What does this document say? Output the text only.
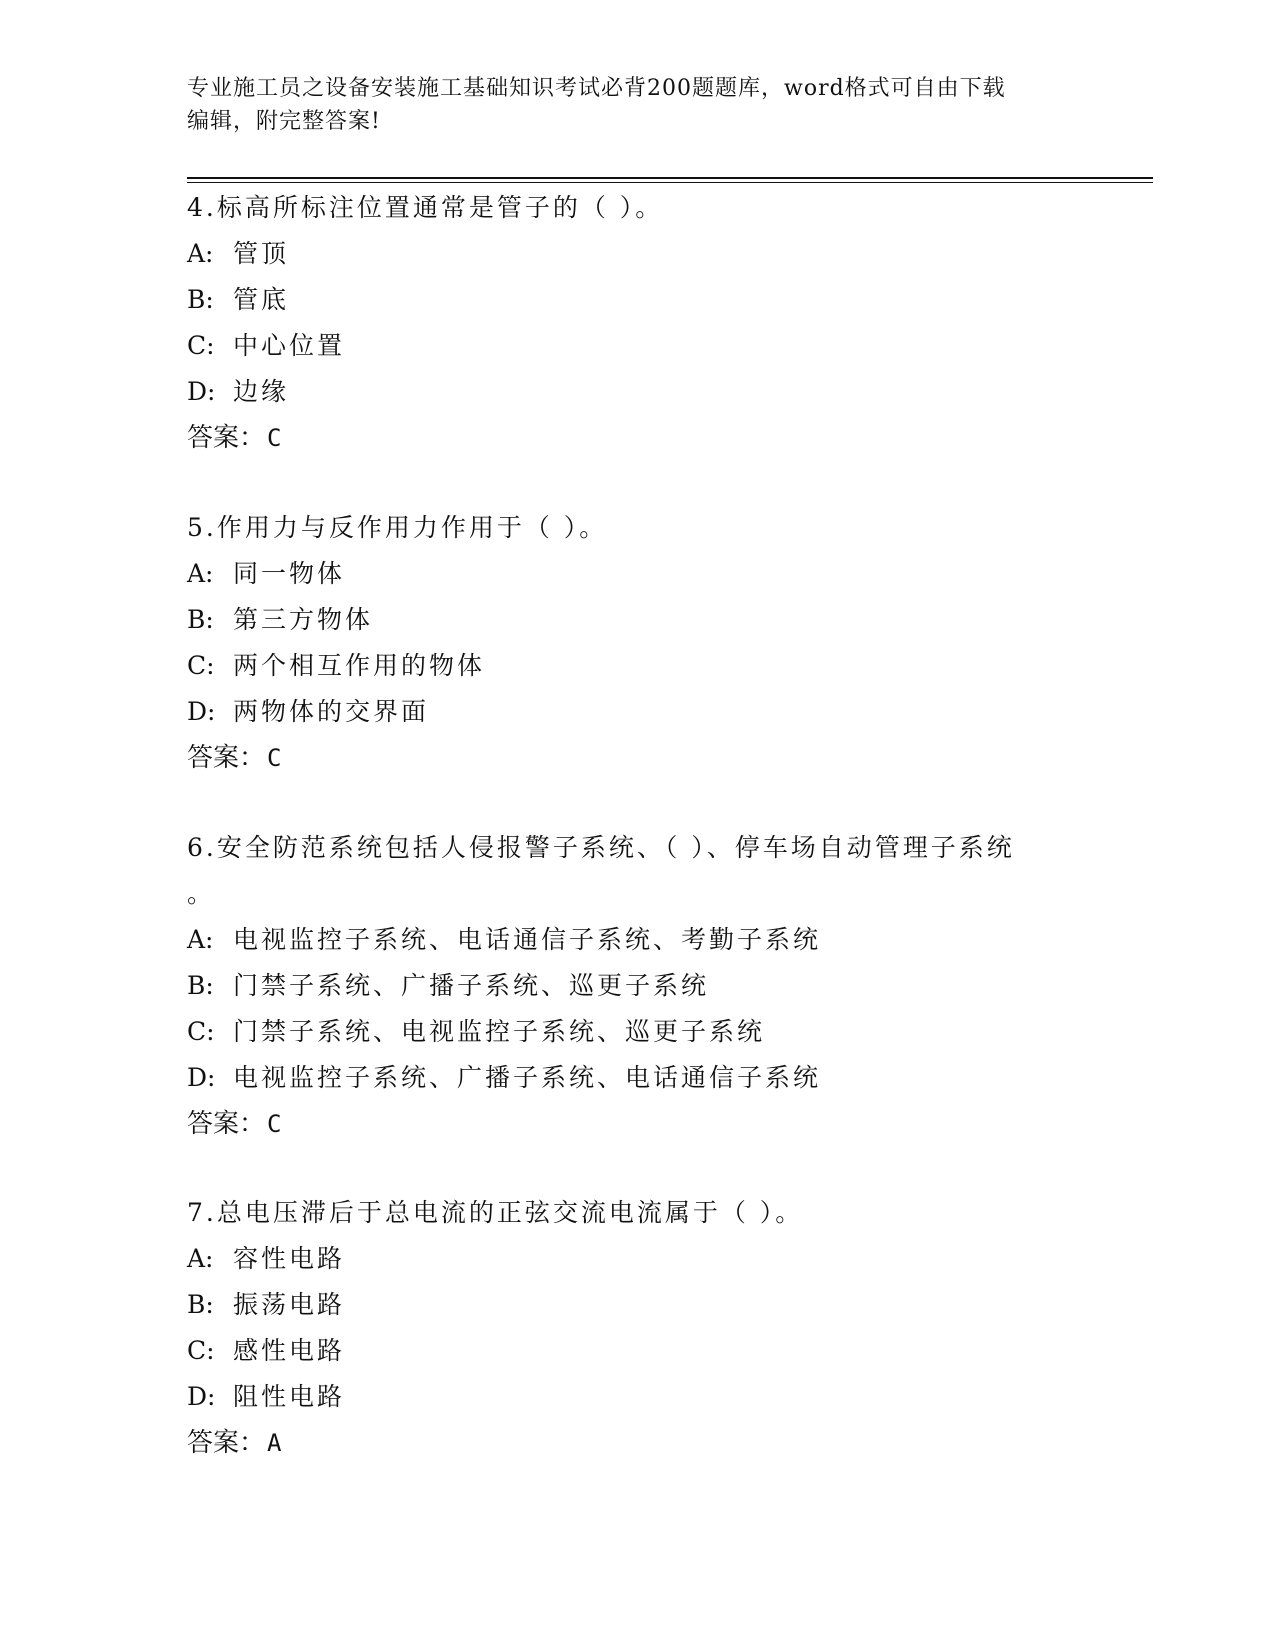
专业施工员之设备安装施工基础知识考试必背200题题库，word格式可自由下载
编辑，附完整答案!
4.标高所标注位置通常是管子的（ ）。
A: 管顶
B: 管底
C: 中心位置
D: 边缘
答案：C
5.作用力与反作用力作用于（ ）。
A: 同一物体
B: 第三方物体
C: 两个相互作用的物体
D: 两物体的交界面
答案：C
6.安全防范系统包括人侵报警子系统、（ ）、停车场自动管理子系统
。
A: 电视监控子系统、电话通信子系统、考勤子系统
B: 门禁子系统、广播子系统、巡更子系统
C: 门禁子系统、电视监控子系统、巡更子系统
D: 电视监控子系统、广播子系统、电话通信子系统
答案：C
7.总电压滞后于总电流的正弦交流电流属于（ ）。
A: 容性电路
B: 振荡电路
C: 感性电路
D: 阻性电路
答案：A
